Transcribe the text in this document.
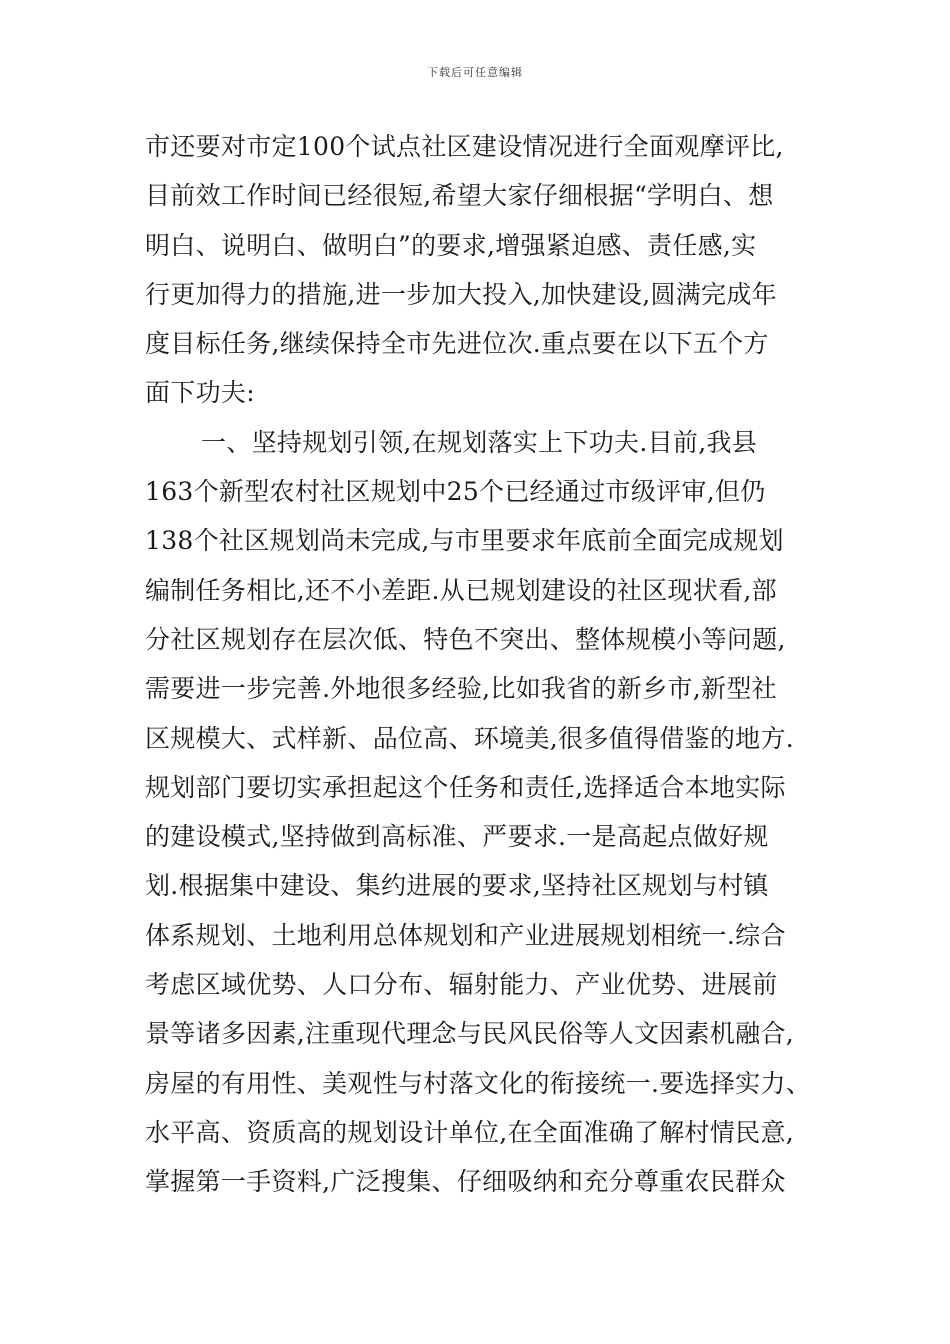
下载后可任意编辑
市还要对市定100个试点社区建设情况进行全面观摩评比,
目前效工作时间已经很短,希望大家仔细根据“学明白、想
明白、说明白、做明白”的要求,增强紧迫感、责任感,实
行更加得力的措施,进一步加大投入,加快建设,圆满完成年
度目标任务,继续保持全市先进位次.重点要在以下五个方
面下功夫:
一、坚持规划引领,在规划落实上下功夫.目前,我县
163个新型农村社区规划中25个已经通过市级评审,但仍
138个社区规划尚未完成,与市里要求年底前全面完成规划
编制任务相比,还不小差距.从已规划建设的社区现状看,部
分社区规划存在层次低、特色不突出、整体规模小等问题,
需要进一步完善.外地很多经验,比如我省的新乡市,新型社
区规模大、式样新、品位高、环境美,很多值得借鉴的地方.
规划部门要切实承担起这个任务和责任,选择适合本地实际
的建设模式,坚持做到高标准、严要求.一是高起点做好规
划.根据集中建设、集约进展的要求,坚持社区规划与村镇
体系规划、土地利用总体规划和产业进展规划相统一.综合
考虑区域优势、人口分布、辐射能力、产业优势、进展前
景等诸多因素,注重现代理念与民风民俗等人文因素机融合,
房屋的有用性、美观性与村落文化的衔接统一.要选择实力、
水平高、资质高的规划设计单位,在全面准确了解村情民意,
掌握第一手资料,广泛搜集、仔细吸纳和充分尊重农民群众
